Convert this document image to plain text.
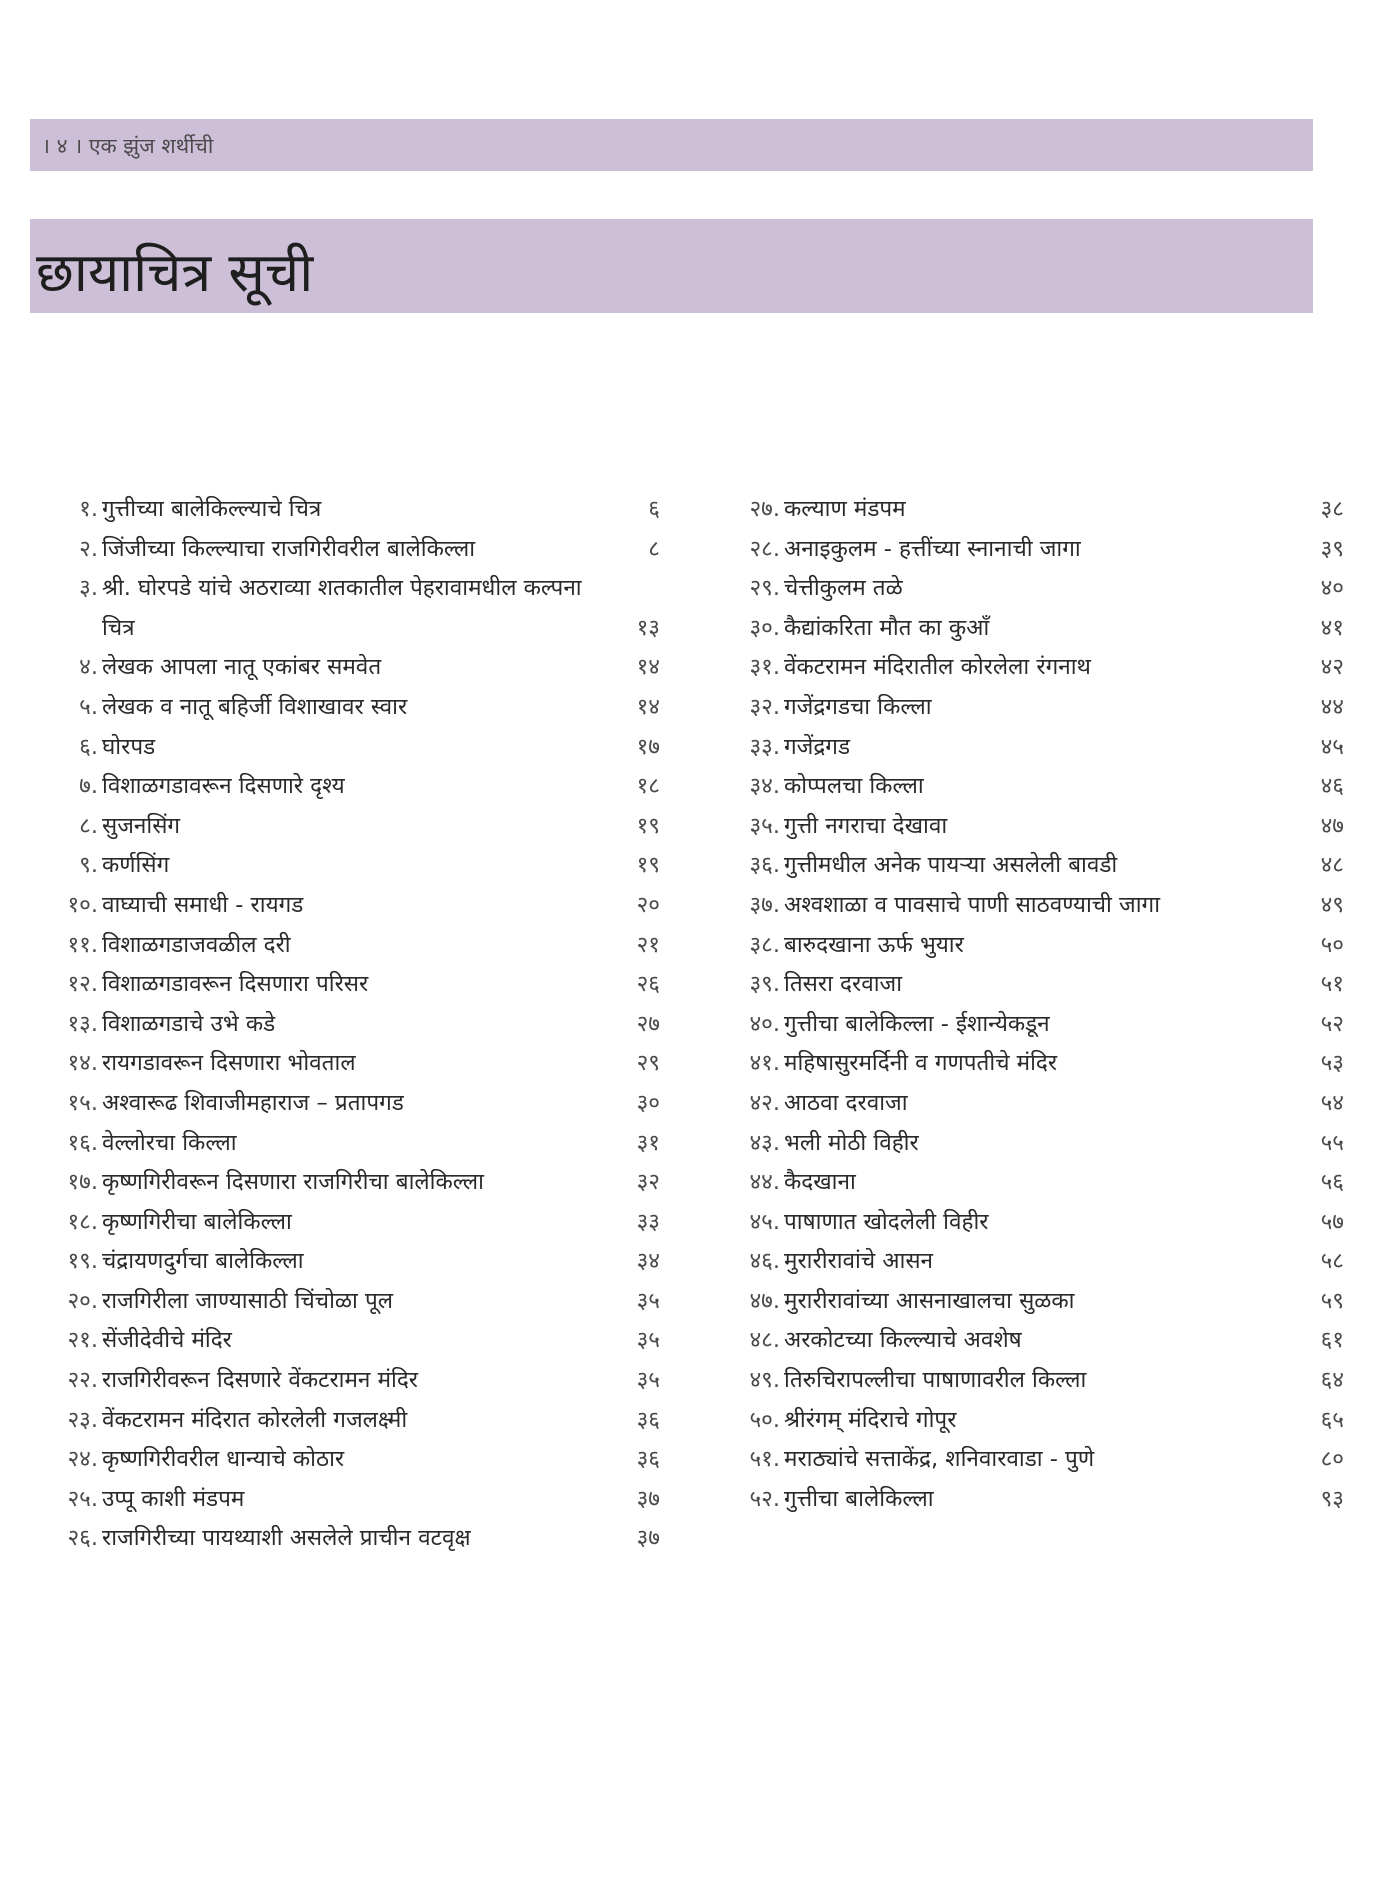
। ४ । एक झुंज शर्थीची
छायाचित्र सूची
१. गुत्तीच्या बालेकिल्ल्याचे चित्र	६
२. जिंजीच्या किल्ल्याचा राजगिरीवरील बालेकिल्ला	८
३. श्री. घोरपडे यांचे अठराव्या शतकातील पेहरावामधील कल्पना चित्र	१३
४. लेखक आपला नातू एकांबर समवेत	१४
५. लेखक व नातू बहिर्जी विशाखावर स्वार	१४
६. घोरपड	१७
७. विशाळगडावरून दिसणारे दृश्य	१८
८. सुजनसिंग	१९
९. कर्णसिंग	१९
१०. वाघ्याची समाधी - रायगड	२०
११. विशाळगडाजवळील दरी	२१
१२. विशाळगडावरून दिसणारा परिसर	२६
१३. विशाळगडाचे उभे कडे	२७
१४. रायगडावरून दिसणारा भोवताल	२९
१५. अश्वारूढ शिवाजीमहाराज – प्रतापगड	३०
१६. वेल्लोरचा किल्ला	३१
१७. कृष्णगिरीवरून दिसणारा राजगिरीचा बालेकिल्ला	३२
१८. कृष्णगिरीचा बालेकिल्ला	३३
१९. चंद्रायणदुर्गचा बालेकिल्ला	३४
२०. राजगिरीला जाण्यासाठी चिंचोळा पूल	३५
२१. सेंजीदेवीचे मंदिर	३५
२२. राजगिरीवरून दिसणारे वेंकटरामन मंदिर	३५
२३. वेंकटरामन मंदिरात कोरलेली गजलक्ष्मी	३६
२४. कृष्णगिरीवरील धान्याचे कोठार	३६
२५. उप्पू काशी मंडपम	३७
२६. राजगिरीच्या पायथ्याशी असलेले प्राचीन वटवृक्ष	३७
२७. कल्याण मंडपम	३८
२८. अनाइकुलम - हत्तींच्या स्नानाची जागा	३९
२९. चेत्तीकुलम तळे	४०
३०. कैद्यांकरिता मौत का कुआँ	४१
३१. वेंकटरामन मंदिरातील कोरलेला रंगनाथ	४२
३२. गजेंद्रगडचा किल्ला	४४
३३. गजेंद्रगड	४५
३४. कोप्पलचा किल्ला	४६
३५. गुत्ती नगराचा देखावा	४७
३६. गुत्तीमधील अनेक पायऱ्या असलेली बावडी	४८
३७. अश्वशाळा व पावसाचे पाणी साठवण्याची जागा	४९
३८. बारुदखाना ऊर्फ भुयार	५०
३९. तिसरा दरवाजा	५१
४०. गुत्तीचा बालेकिल्ला - ईशान्येकडून	५२
४१. महिषासुरमर्दिनी व गणपतीचे मंदिर	५३
४२. आठवा दरवाजा	५४
४३. भली मोठी विहीर	५५
४४. कैदखाना	५६
४५. पाषाणात खोदलेली विहीर	५७
४६. मुरारीरावांचे आसन	५८
४७. मुरारीरावांच्या आसनाखालचा सुळका	५९
४८. अरकोटच्या किल्ल्याचे अवशेष	६१
४९. तिरुचिरापल्लीचा पाषाणावरील किल्ला	६४
५०. श्रीरंगम् मंदिराचे गोपूर	६५
५१. मराठ्यांचे सत्ताकेंद्र, शनिवारवाडा - पुणे	८०
५२. गुत्तीचा बालेकिल्ला	९३
